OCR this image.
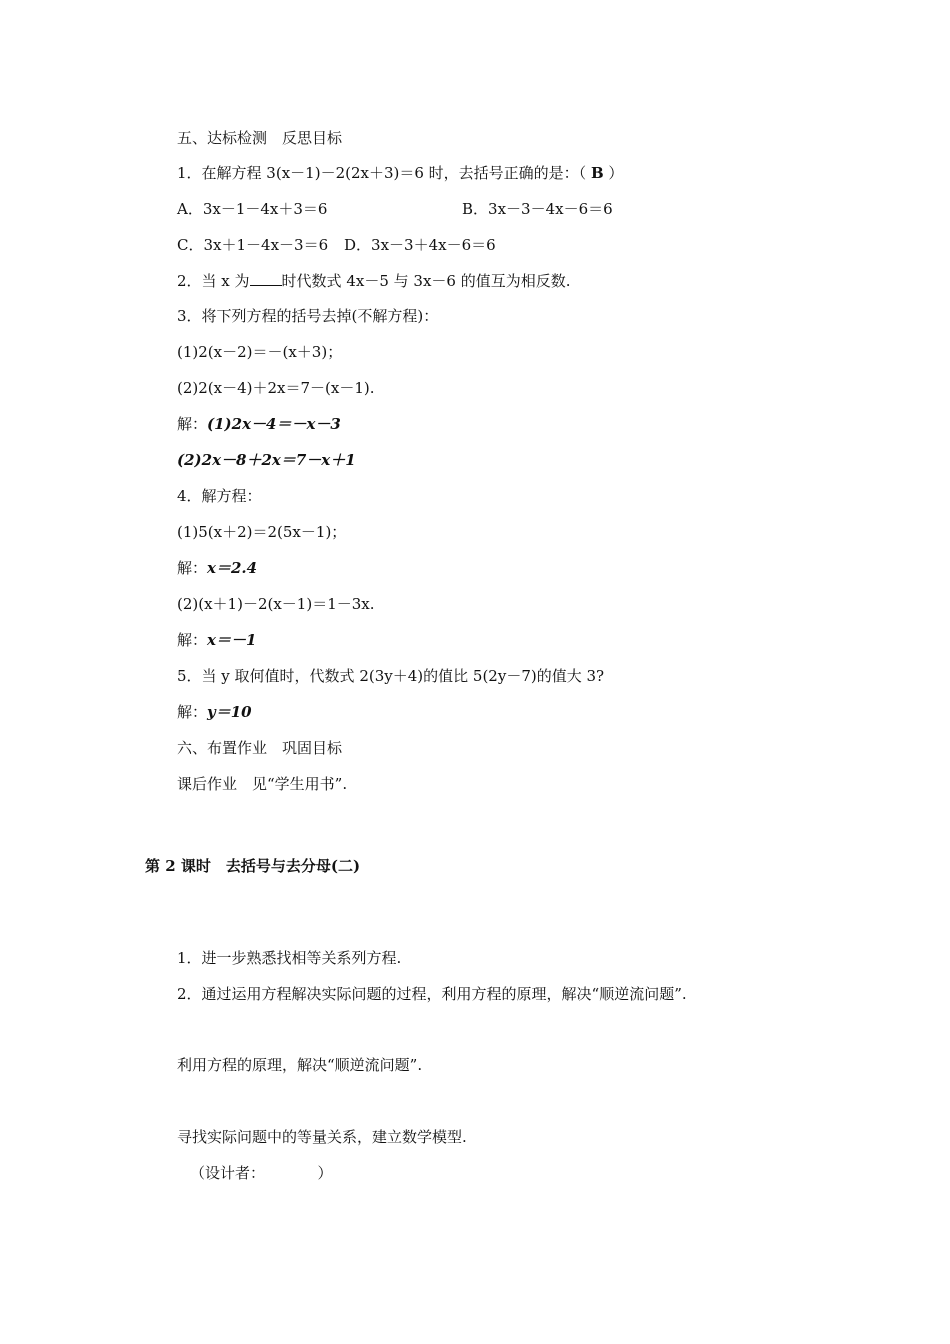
五、达标检测　反思目标
1．在解方程 3(x－1)－2(2x＋3)＝6 时，去括号正确的是：（ B ）
A．3x－1－4x＋3＝6	B．3x－3－4x－6＝6
C．3x＋1－4x－3＝6 D．3x－3＋4x－6＝6
2．当 x 为 时代数式 4x－5 与 3x－6 的值互为相反数.
3．将下列方程的括号去掉(不解方程)：
(1)2(x－2)＝－(x＋3)；
(2)2(x－4)＋2x＝7－(x－1).
解：(1)2x－4＝－x－3
(2)2x－8＋2x＝7－x＋1
4．解方程：
(1)5(x＋2)＝2(5x－1)；
解：x＝2.4
(2)(x＋1)－2(x－1)＝1－3x.
解：x＝－1
5．当 y 取何值时，代数式 2(3y＋4)的值比 5(2y－7)的值大 3?
解：y＝10
六、布置作业　巩固目标
课后作业　见“学生用书”.
第 2 课时　去括号与去分母(二)
1．进一步熟悉找相等关系列方程.
2．通过运用方程解决实际问题的过程，利用方程的原理，解决“顺逆流问题”.
利用方程的原理，解决“顺逆流问题”.
寻找实际问题中的等量关系，建立数学模型.
（设计者：　　　　）
